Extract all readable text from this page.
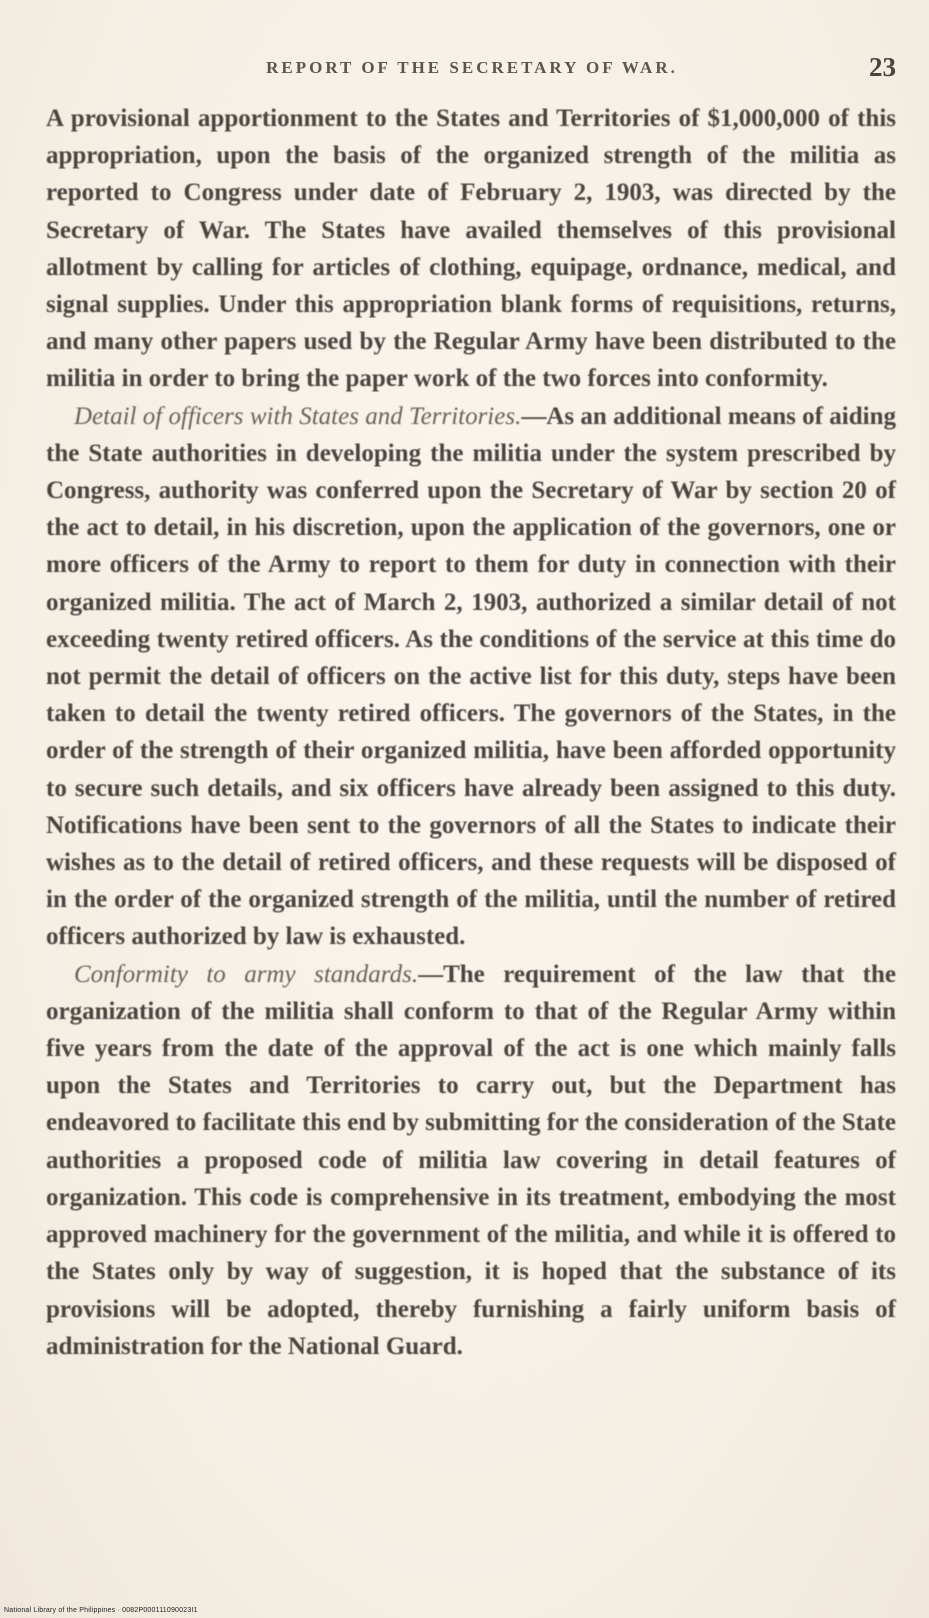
REPORT OF THE SECRETARY OF WAR.	23

A provisional apportionment to the States and Territories of $1,000,000 of this appropriation, upon the basis of the organized strength of the militia as reported to Congress under date of February 2, 1903, was directed by the Secretary of War. The States have availed themselves of this provisional allotment by calling for articles of clothing, equipage, ordnance, medical, and signal supplies. Under this appropriation blank forms of requisitions, returns, and many other papers used by the Regular Army have been distributed to the militia in order to bring the paper work of the two forces into conformity.

Detail of officers with States and Territories.—As an additional means of aiding the State authorities in developing the militia under the system prescribed by Congress, authority was conferred upon the Secretary of War by section 20 of the act to detail, in his discretion, upon the application of the governors, one or more officers of the Army to report to them for duty in connection with their organized militia. The act of March 2, 1903, authorized a similar detail of not exceeding twenty retired officers. As the conditions of the service at this time do not permit the detail of officers on the active list for this duty, steps have been taken to detail the twenty retired officers. The governors of the States, in the order of the strength of their organized militia, have been afforded opportunity to secure such details, and six officers have already been assigned to this duty. Notifications have been sent to the governors of all the States to indicate their wishes as to the detail of retired officers, and these requests will be disposed of in the order of the organized strength of the militia, until the number of retired officers authorized by law is exhausted.

Conformity to army standards.—The requirement of the law that the organization of the militia shall conform to that of the Regular Army within five years from the date of the approval of the act is one which mainly falls upon the States and Territories to carry out, but the Department has endeavored to facilitate this end by submitting for the consideration of the State authorities a proposed code of militia law covering in detail features of organization. This code is comprehensive in its treatment, embodying the most approved machinery for the government of the militia, and while it is offered to the States only by way of suggestion, it is hoped that the substance of its provisions will be adopted, thereby furnishing a fairly uniform basis of administration for the National Guard.

National Library of the Philippines · 0082P000111090023I1
